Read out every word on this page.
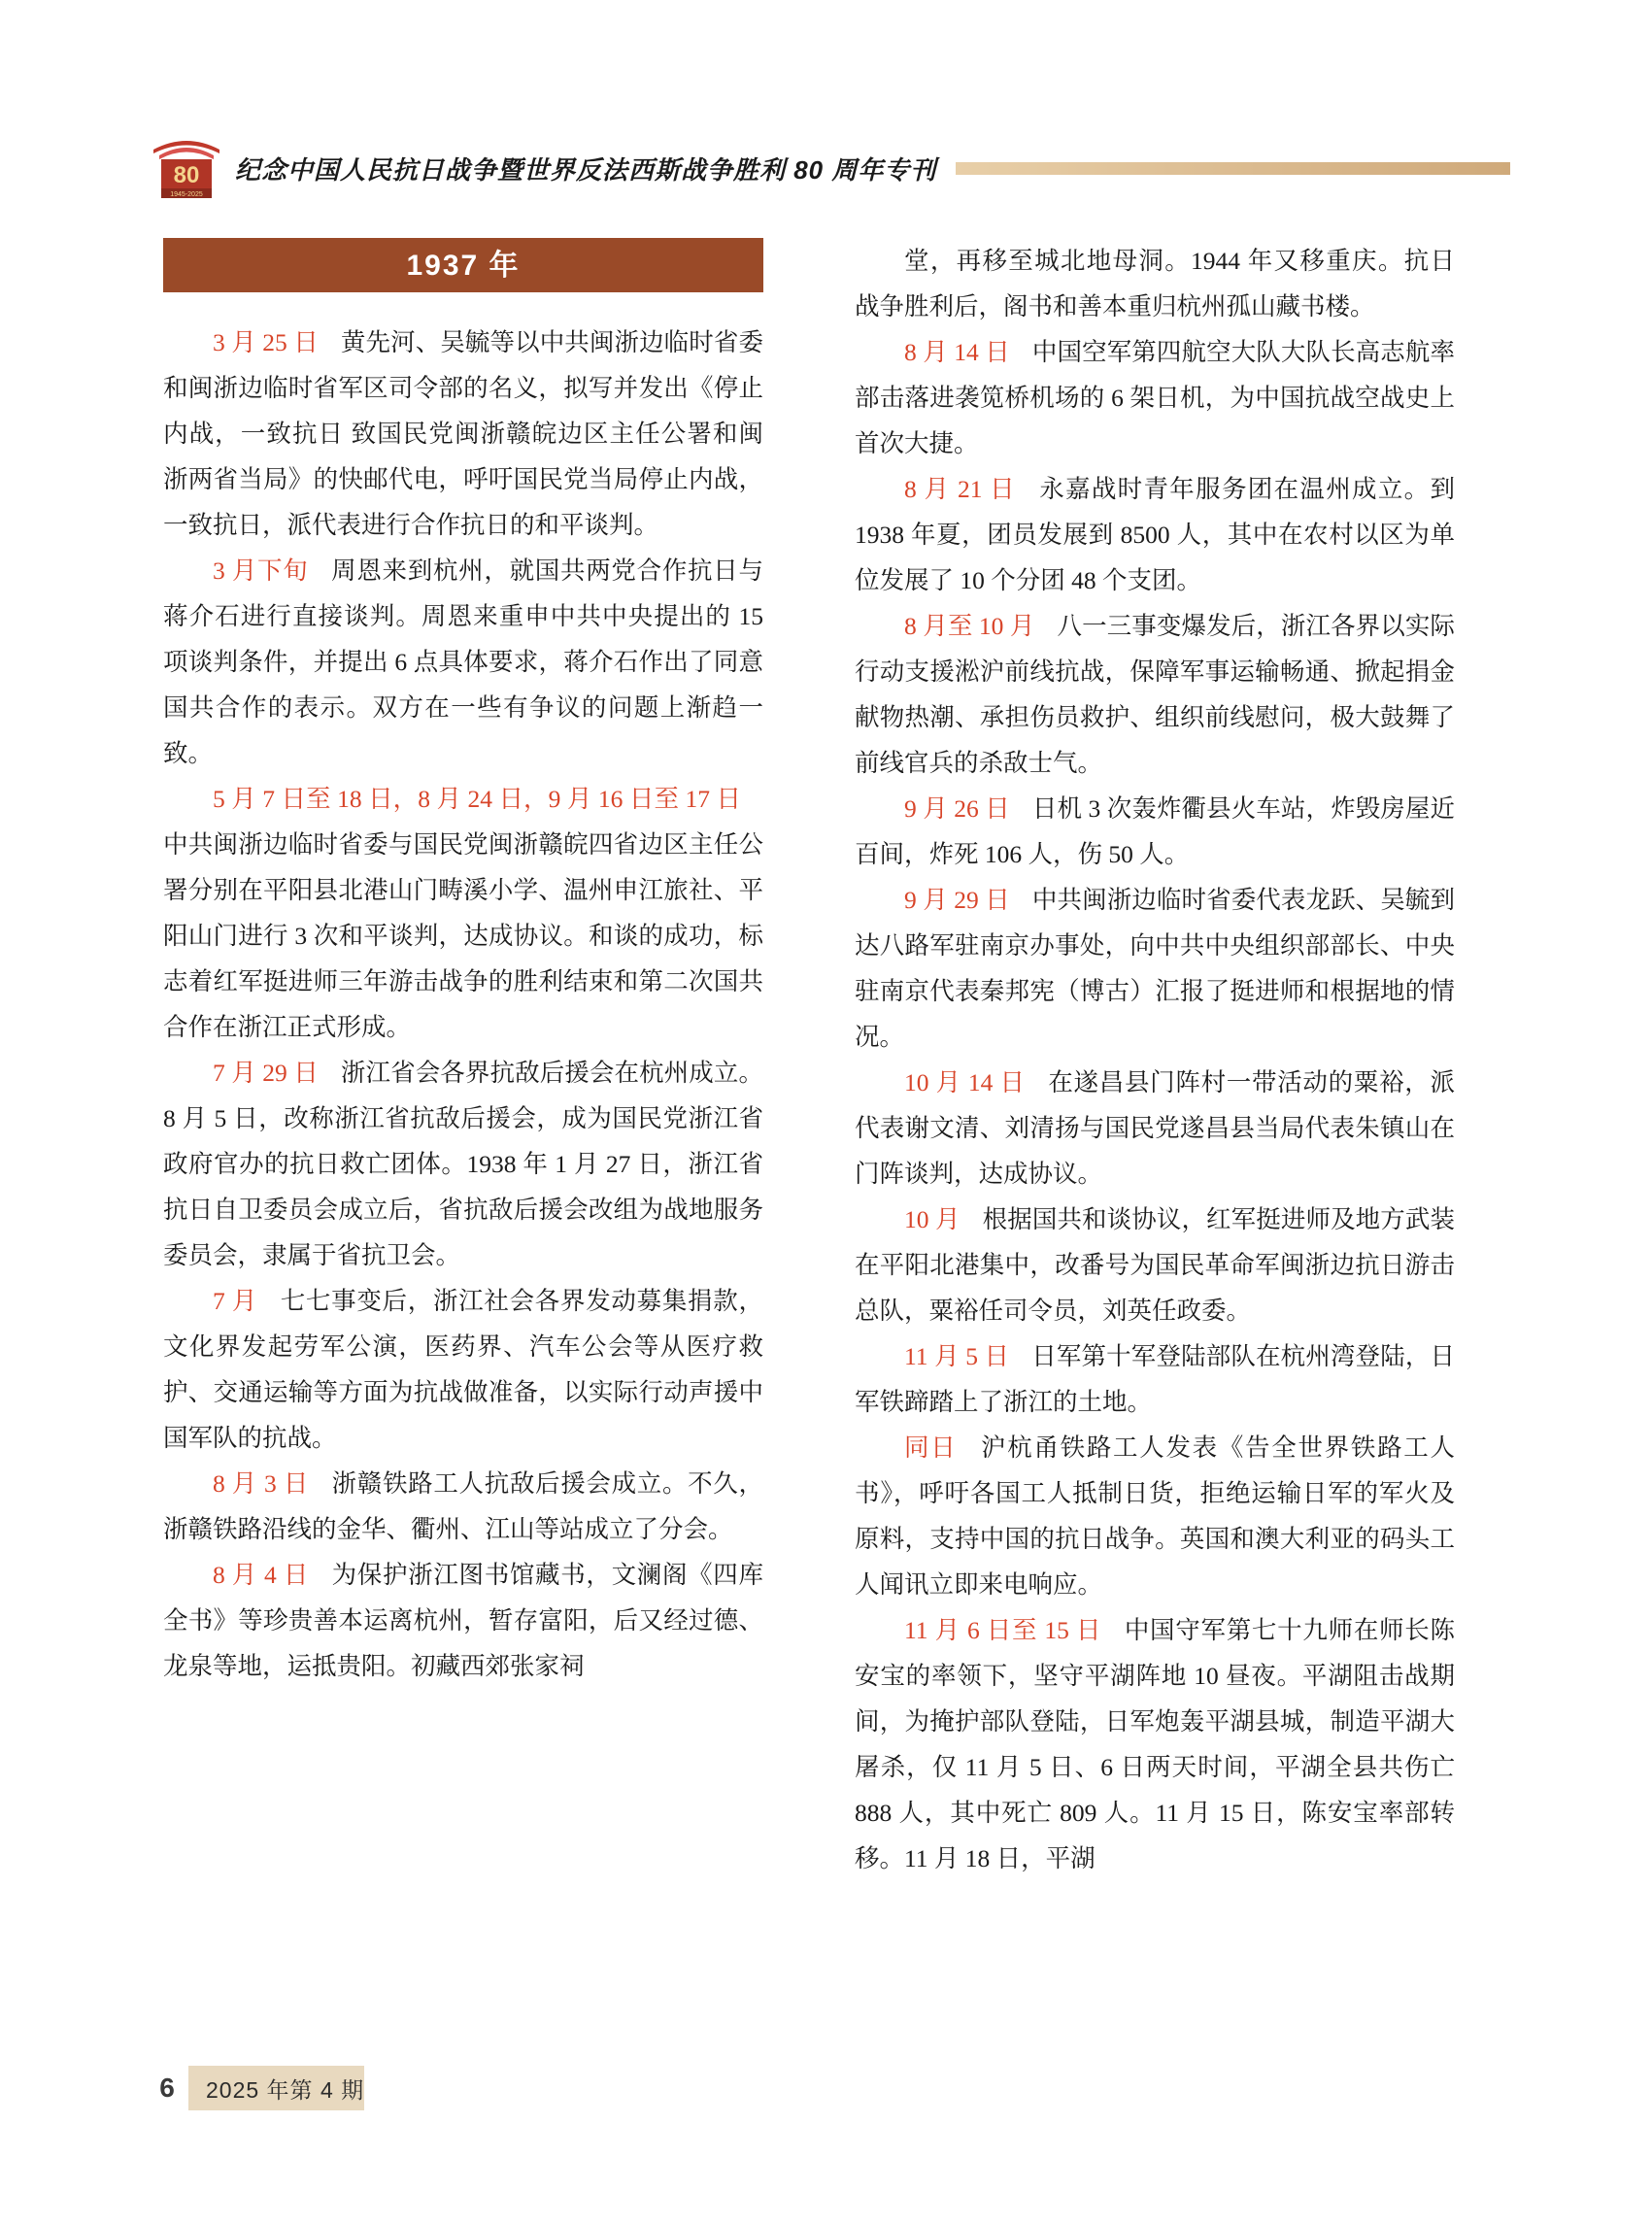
80
1945-2025
纪念中国人民抗日战争暨世界反法西斯战争胜利 80 周年专刊
1937 年

3 月 25 日 黄先河、吴毓等以中共闽浙边临时省委和闽浙边临时省军区司令部的名义，拟写并发出《停止内战，一致抗日 致国民党闽浙赣皖边区主任公署和闽浙两省当局》的快邮代电，呼吁国民党当局停止内战，一致抗日，派代表进行合作抗日的和平谈判。

3 月下旬 周恩来到杭州，就国共两党合作抗日与蒋介石进行直接谈判。周恩来重申中共中央提出的 15 项谈判条件，并提出 6 点具体要求，蒋介石作出了同意国共合作的表示。双方在一些有争议的问题上渐趋一致。

5 月 7 日至 18 日，8 月 24 日，9 月 16 日至 17 日中共闽浙边临时省委与国民党闽浙赣皖四省边区主任公署分别在平阳县北港山门畴溪小学、温州申江旅社、平阳山门进行 3 次和平谈判，达成协议。和谈的成功，标志着红军挺进师三年游击战争的胜利结束和第二次国共合作在浙江正式形成。

7 月 29 日 浙江省会各界抗敌后援会在杭州成立。8 月 5 日，改称浙江省抗敌后援会，成为国民党浙江省政府官办的抗日救亡团体。1938 年 1 月 27 日，浙江省抗日自卫委员会成立后，省抗敌后援会改组为战地服务委员会，隶属于省抗卫会。

7 月 七七事变后，浙江社会各界发动募集捐款，文化界发起劳军公演，医药界、汽车公会等从医疗救护、交通运输等方面为抗战做准备，以实际行动声援中国军队的抗战。

8 月 3 日 浙赣铁路工人抗敌后援会成立。不久，浙赣铁路沿线的金华、衢州、江山等站成立了分会。

8 月 4 日 为保护浙江图书馆藏书，文澜阁《四库全书》等珍贵善本运离杭州，暂存富阳，后又经过德、龙泉等地，运抵贵阳。初藏西郊张家祠

堂，再移至城北地母洞。1944 年又移重庆。抗日战争胜利后，阁书和善本重归杭州孤山藏书楼。

8 月 14 日 中国空军第四航空大队大队长高志航率部击落进袭笕桥机场的 6 架日机，为中国抗战空战史上首次大捷。

8 月 21 日 永嘉战时青年服务团在温州成立。到 1938 年夏，团员发展到 8500 人，其中在农村以区为单位发展了 10 个分团 48 个支团。

8 月至 10 月 八一三事变爆发后，浙江各界以实际行动支援淞沪前线抗战，保障军事运输畅通、掀起捐金献物热潮、承担伤员救护、组织前线慰问，极大鼓舞了前线官兵的杀敌士气。

9 月 26 日 日机 3 次轰炸衢县火车站，炸毁房屋近百间，炸死 106 人，伤 50 人。

9 月 29 日 中共闽浙边临时省委代表龙跃、吴毓到达八路军驻南京办事处，向中共中央组织部部长、中央驻南京代表秦邦宪（博古）汇报了挺进师和根据地的情况。

10 月 14 日 在遂昌县门阵村一带活动的粟裕，派代表谢文清、刘清扬与国民党遂昌县当局代表朱镇山在门阵谈判，达成协议。

10 月 根据国共和谈协议，红军挺进师及地方武装在平阳北港集中，改番号为国民革命军闽浙边抗日游击总队，粟裕任司令员，刘英任政委。

11 月 5 日 日军第十军登陆部队在杭州湾登陆，日军铁蹄踏上了浙江的土地。

同日 沪杭甬铁路工人发表《告全世界铁路工人书》，呼吁各国工人抵制日货，拒绝运输日军的军火及原料，支持中国的抗日战争。英国和澳大利亚的码头工人闻讯立即来电响应。

11 月 6 日至 15 日 中国守军第七十九师在师长陈安宝的率领下，坚守平湖阵地 10 昼夜。平湖阻击战期间，为掩护部队登陆，日军炮轰平湖县城，制造平湖大屠杀，仅 11 月 5 日、6 日两天时间，平湖全县共伤亡 888 人，其中死亡 809 人。11 月 15 日，陈安宝率部转移。11 月 18 日，平湖

6	2025 年第 4 期
